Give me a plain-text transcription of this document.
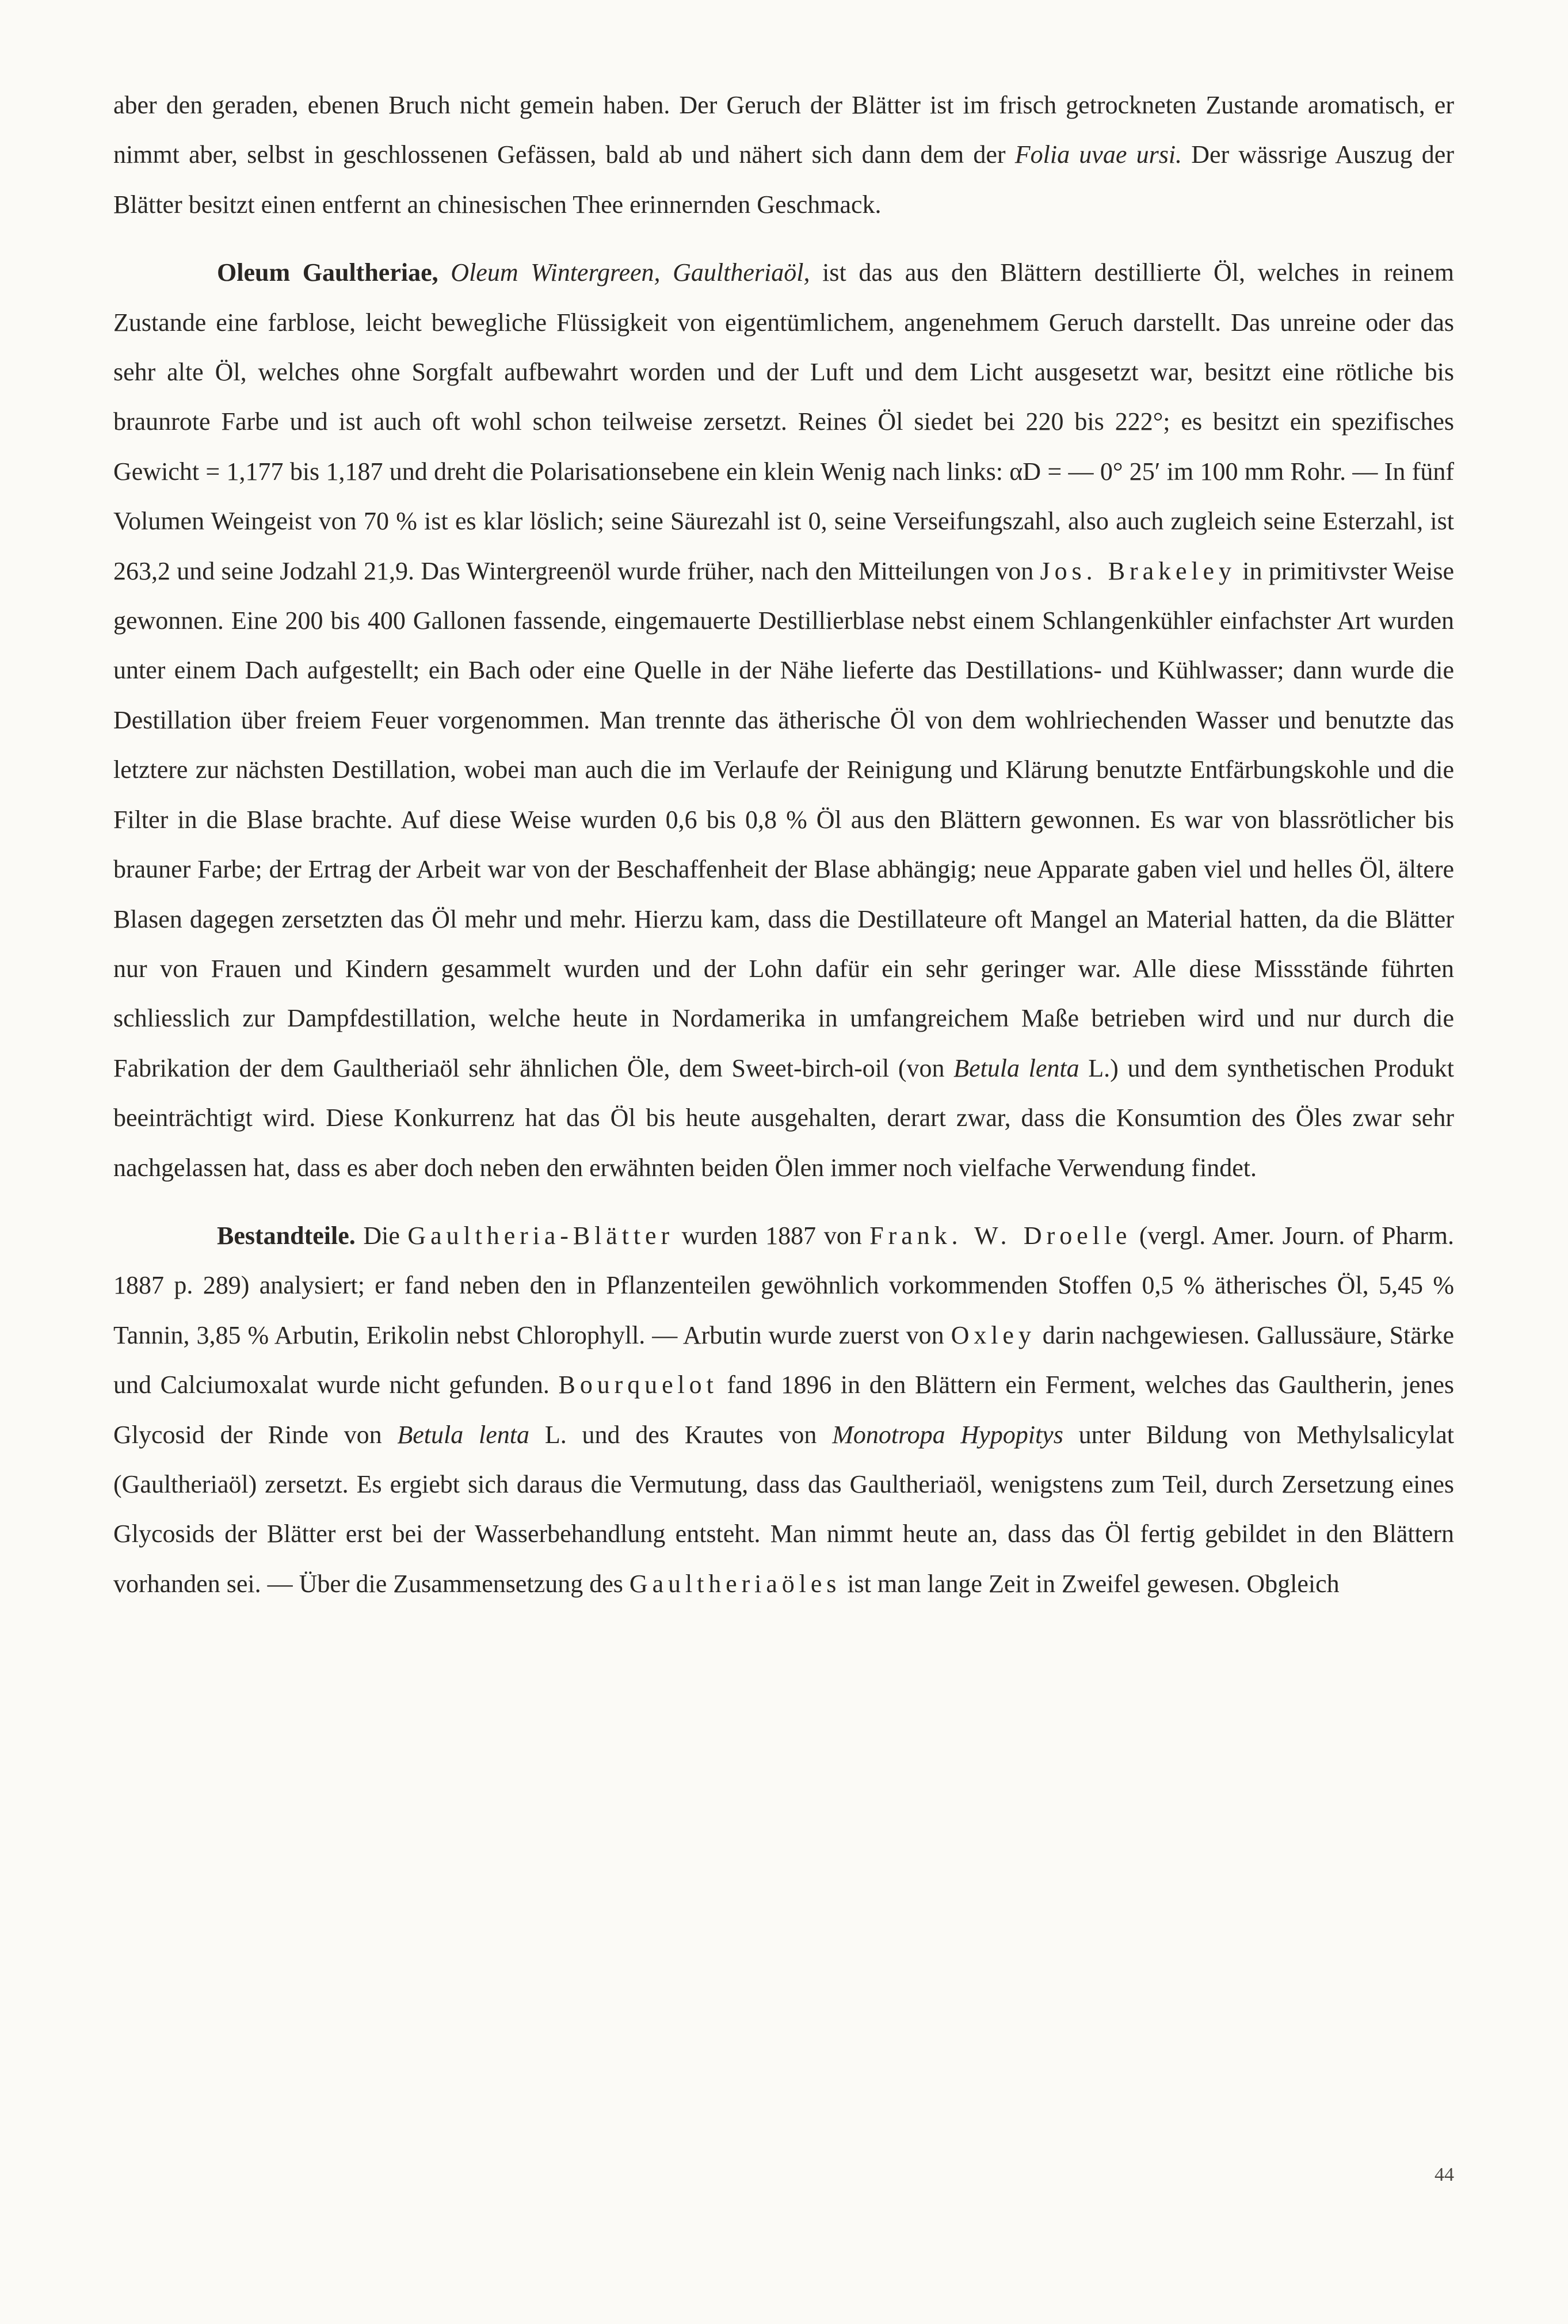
aber den geraden, ebenen Bruch nicht gemein haben. Der Geruch der Blätter ist im frisch getrockneten Zustande aromatisch, er nimmt aber, selbst in geschlossenen Gefässen, bald ab und nähert sich dann dem der Folia uvae ursi. Der wässrige Auszug der Blätter besitzt einen entfernt an chinesischen Thee erinnernden Geschmack.

Oleum Gaultheriae, Oleum Wintergreen, Gaultheriaöl, ist das aus den Blättern destillierte Öl, welches in reinem Zustande eine farblose, leicht bewegliche Flüssigkeit von eigentümlichem, angenehmem Geruch darstellt. Das unreine oder das sehr alte Öl, welches ohne Sorgfalt aufbewahrt worden und der Luft und dem Licht ausgesetzt war, besitzt eine rötliche bis braunrote Farbe und ist auch oft wohl schon teilweise zersetzt. Reines Öl siedet bei 220 bis 222°; es besitzt ein spezifisches Gewicht = 1,177 bis 1,187 und dreht die Polarisationsebene ein klein Wenig nach links: αD = — 0° 25′ im 100 mm Rohr. — In fünf Volumen Weingeist von 70 % ist es klar löslich; seine Säurezahl ist 0, seine Verseifungszahl, also auch zugleich seine Esterzahl, ist 263,2 und seine Jodzahl 21,9. Das Wintergreenöl wurde früher, nach den Mitteilungen von Jos. Brakeley in primitivster Weise gewonnen. Eine 200 bis 400 Gallonen fassende, eingemauerte Destillierblase nebst einem Schlangenkühler einfachster Art wurden unter einem Dach aufgestellt; ein Bach oder eine Quelle in der Nähe lieferte das Destillations- und Kühlwasser; dann wurde die Destillation über freiem Feuer vorgenommen. Man trennte das ätherische Öl von dem wohlriechenden Wasser und benutzte das letztere zur nächsten Destillation, wobei man auch die im Verlaufe der Reinigung und Klärung benutzte Entfärbungskohle und die Filter in die Blase brachte. Auf diese Weise wurden 0,6 bis 0,8 % Öl aus den Blättern gewonnen. Es war von blassrötlicher bis brauner Farbe; der Ertrag der Arbeit war von der Beschaffenheit der Blase abhängig; neue Apparate gaben viel und helles Öl, ältere Blasen dagegen zersetzten das Öl mehr und mehr. Hierzu kam, dass die Destillateure oft Mangel an Material hatten, da die Blätter nur von Frauen und Kindern gesammelt wurden und der Lohn dafür ein sehr geringer war. Alle diese Missstände führten schliesslich zur Dampfdestillation, welche heute in Nordamerika in umfangreichem Maße betrieben wird und nur durch die Fabrikation der dem Gaultheriaöl sehr ähnlichen Öle, dem Sweet-birch-oil (von Betula lenta L.) und dem synthetischen Produkt beeinträchtigt wird. Diese Konkurrenz hat das Öl bis heute ausgehalten, derart zwar, dass die Konsumtion des Öles zwar sehr nachgelassen hat, dass es aber doch neben den erwähnten beiden Ölen immer noch vielfache Verwendung findet.

Bestandteile. Die Gaultheria-Blätter wurden 1887 von Frank. W. Droelle (vergl. Amer. Journ. of Pharm. 1887 p. 289) analysiert; er fand neben den in Pflanzenteilen gewöhnlich vorkommenden Stoffen 0,5 % ätherisches Öl, 5,45 % Tannin, 3,85 % Arbutin, Erikolin nebst Chlorophyll. — Arbutin wurde zuerst von Oxley darin nachgewiesen. Gallussäure, Stärke und Calciumoxalat wurde nicht gefunden. Bourquelot fand 1896 in den Blättern ein Ferment, welches das Gaultherin, jenes Glycosid der Rinde von Betula lenta L. und des Krautes von Monotropa Hypopitys unter Bildung von Methylsalicylat (Gaultheriaöl) zersetzt. Es ergiebt sich daraus die Vermutung, dass das Gaultheriaöl, wenigstens zum Teil, durch Zersetzung eines Glycosids der Blätter erst bei der Wasserbehandlung entsteht. Man nimmt heute an, dass das Öl fertig gebildet in den Blättern vorhanden sei. — Über die Zusammensetzung des Gaultheriaöles ist man lange Zeit in Zweifel gewesen. Obgleich

44
